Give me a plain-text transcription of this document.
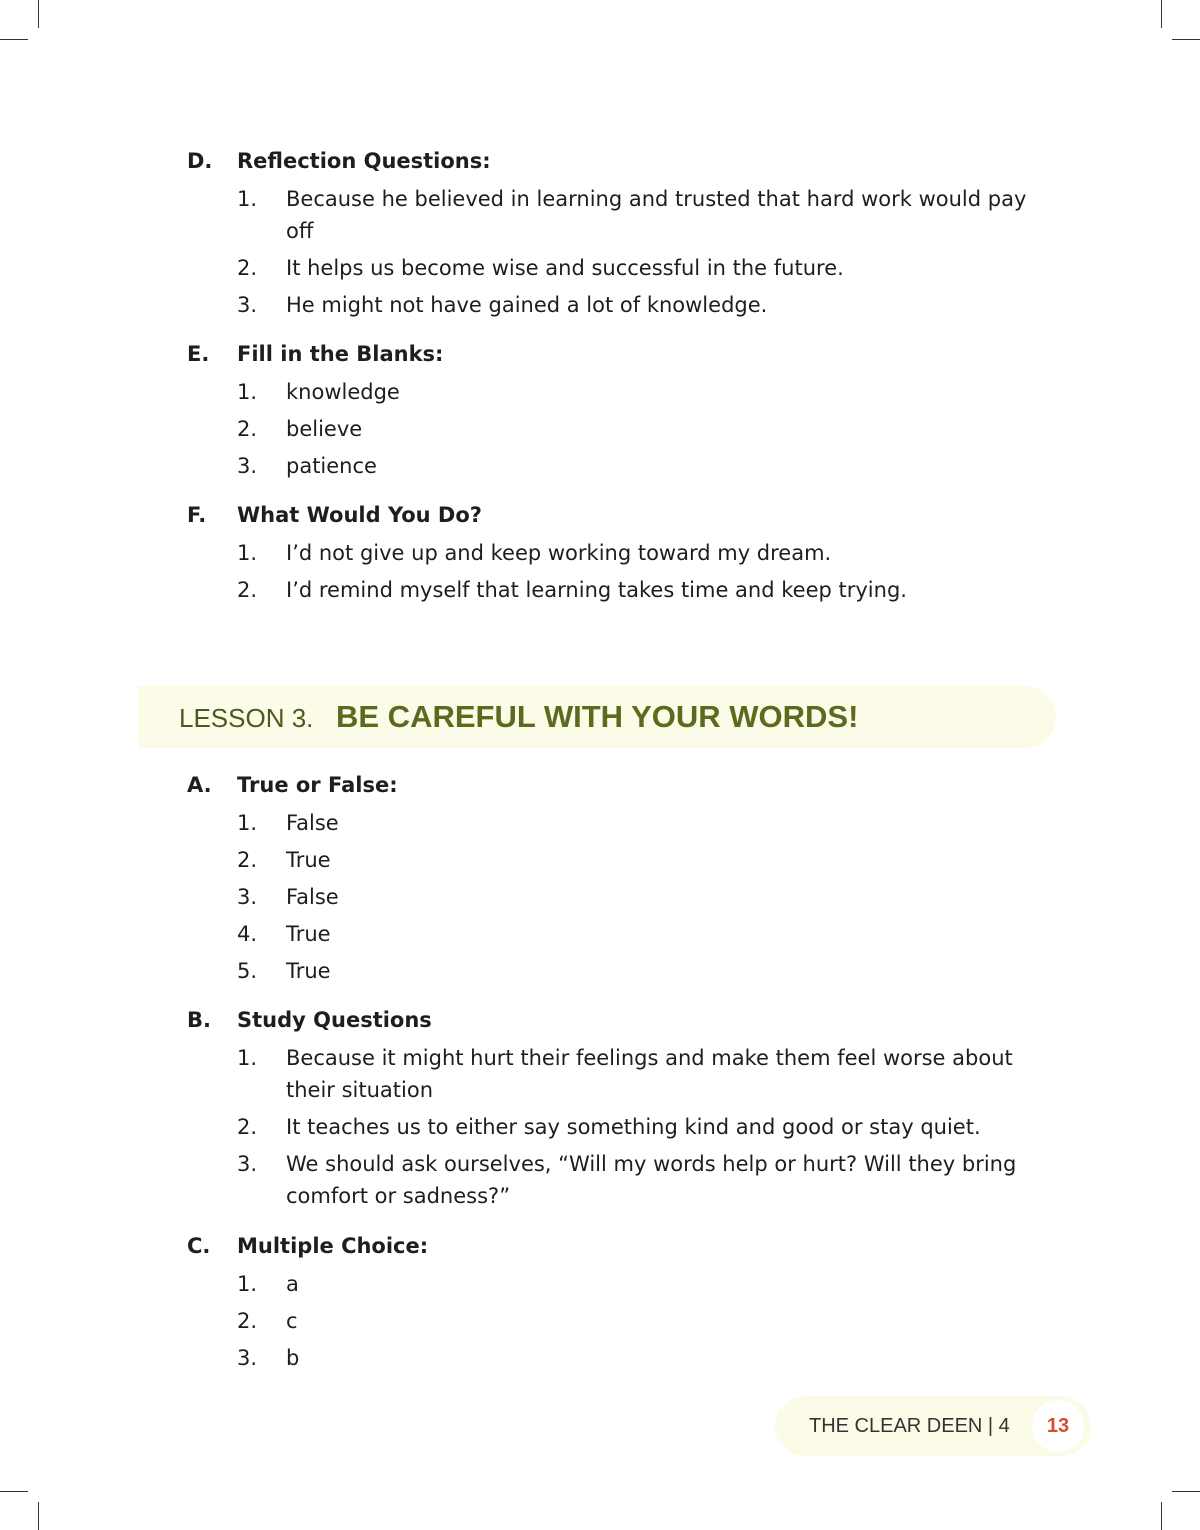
D. Reflection Questions:
1. Because he believed in learning and trusted that hard work would pay off
2. It helps us become wise and successful in the future.
3. He might not have gained a lot of knowledge.
E. Fill in the Blanks:
1. knowledge
2. believe
3. patience
F. What Would You Do?
1. I’d not give up and keep working toward my dream.
2. I’d remind myself that learning takes time and keep trying.
LESSON 3. BE CAREFUL WITH YOUR WORDS!
A. True or False:
1. False
2. True
3. False
4. True
5. True
B. Study Questions
1. Because it might hurt their feelings and make them feel worse about their situation
2. It teaches us to either say something kind and good or stay quiet.
3. We should ask ourselves, “Will my words help or hurt? Will they bring comfort or sadness?”
C. Multiple Choice:
1. a
2. c
3. b
THE CLEAR DEEN | 4	13
